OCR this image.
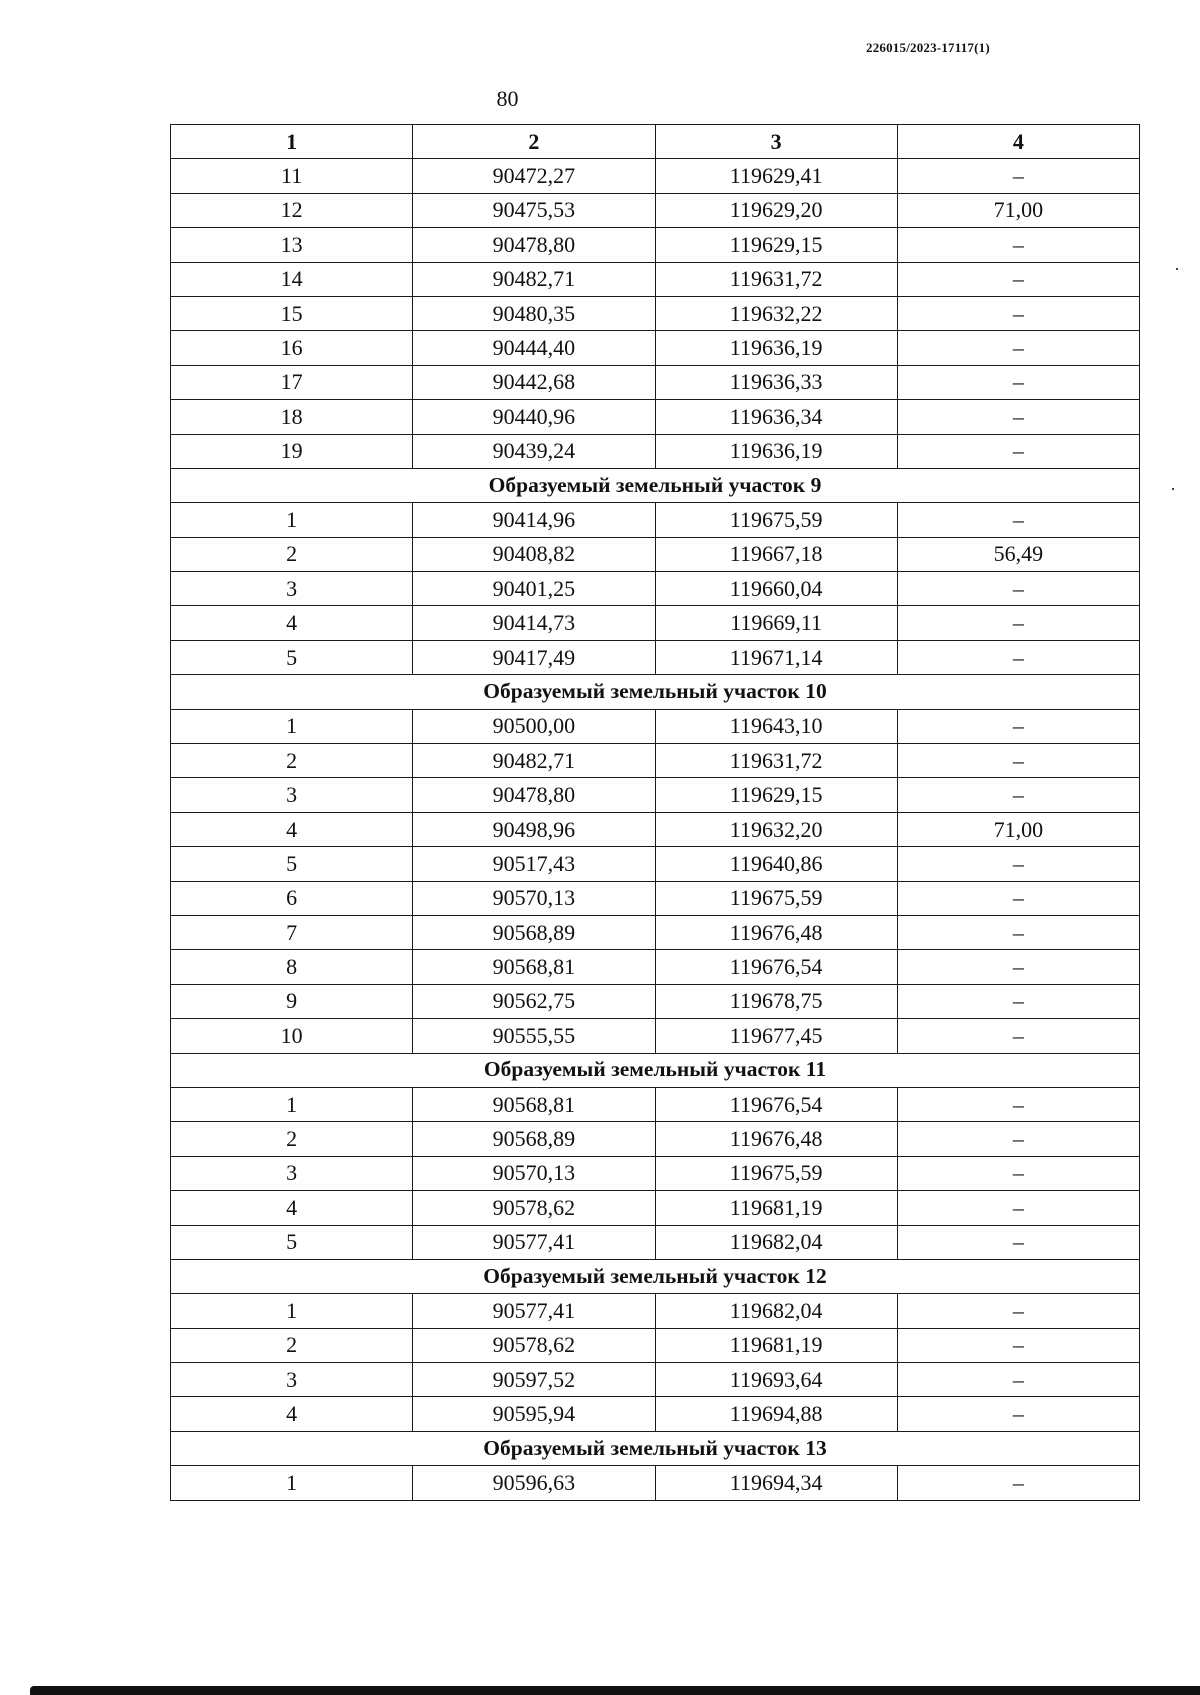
226015/2023-17117(1)
80
1	2	3	4
11	90472,27	119629,41	–
12	90475,53	119629,20	71,00
13	90478,80	119629,15	–
14	90482,71	119631,72	–
15	90480,35	119632,22	–
16	90444,40	119636,19	–
17	90442,68	119636,33	–
18	90440,96	119636,34	–
19	90439,24	119636,19	–
Образуемый земельный участок 9			
1	90414,96	119675,59	–
2	90408,82	119667,18	56,49
3	90401,25	119660,04	–
4	90414,73	119669,11	–
5	90417,49	119671,14	–
Образуемый земельный участок 10			
1	90500,00	119643,10	–
2	90482,71	119631,72	–
3	90478,80	119629,15	–
4	90498,96	119632,20	71,00
5	90517,43	119640,86	–
6	90570,13	119675,59	–
7	90568,89	119676,48	–
8	90568,81	119676,54	–
9	90562,75	119678,75	–
10	90555,55	119677,45	–
Образуемый земельный участок 11			
1	90568,81	119676,54	–
2	90568,89	119676,48	–
3	90570,13	119675,59	–
4	90578,62	119681,19	–
5	90577,41	119682,04	–
Образуемый земельный участок 12			
1	90577,41	119682,04	–
2	90578,62	119681,19	–
3	90597,52	119693,64	–
4	90595,94	119694,88	–
Образуемый земельный участок 13			
1	90596,63	119694,34	–
